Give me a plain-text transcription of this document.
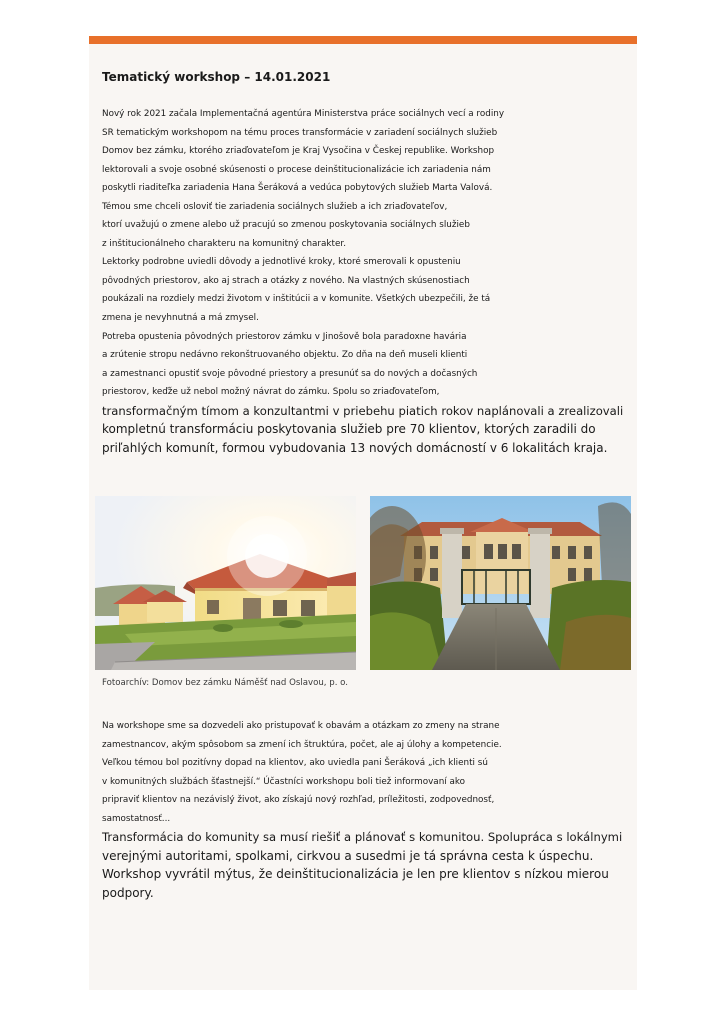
Tematický workshop – 14.01.2021
Nový rok 2021 začala Implementačná agentúra Ministerstva práce sociálnych vecí a rodiny
SR tematickým workshopom na tému proces transformácie v zariadení sociálnych služieb
Domov bez zámku, ktorého zriaďovateľom je Kraj Vysočina v Českej republike. Workshop
lektorovali a svoje osobné skúsenosti o procese deinštitucionalizácie ich zariadenia nám
poskytli riaditeľka zariadenia Hana Šeráková a vedúca pobytových služieb Marta Valová.
Témou sme chceli osloviť tie zariadenia sociálnych služieb a ich zriaďovateľov,
ktorí uvažujú o zmene alebo už pracujú so zmenou poskytovania sociálnych služieb
z inštitucionálneho charakteru na komunitný charakter.
Lektorky podrobne uviedli dôvody a jednotlivé kroky, ktoré smerovali k opusteniu
pôvodných priestorov, ako aj strach a otázky z nového. Na vlastných skúsenostiach
poukázali na rozdiely medzi životom v inštitúcii a v komunite. Všetkých ubezpečili, že tá
zmena je nevyhnutná a má zmysel.
Potreba opustenia pôvodných priestorov zámku v Jinošově bola paradoxne havária
a zrútenie stropu nedávno rekonštruovaného objektu. Zo dňa na deň museli klienti
a zamestnanci opustiť svoje pôvodné priestory a presunúť sa do nových a dočasných
priestorov, keďže už nebol možný návrat do zámku. Spolu so zriaďovateľom,
transformačným tímom a konzultantmi v priebehu piatich rokov naplánovali a zrealizovali
kompletnú transformáciu poskytovania služieb pre 70 klientov, ktorých zaradili do
priľahlých komunít, formou vybudovania 13 nových domácností v 6 lokalitách kraja.

Fotoarchív: Domov bez zámku Náměšť nad Oslavou, p. o.

Na workshope sme sa dozvedeli ako pristupovať k obavám a otázkam zo zmeny na strane
zamestnancov, akým spôsobom sa zmení ich štruktúra, počet, ale aj úlohy a kompetencie.
Veľkou témou bol pozitívny dopad na klientov, ako uviedla pani Šeráková „ich klienti sú
v komunitných službách šťastnejší.“ Účastníci workshopu boli tiež informovaní ako
pripraviť klientov na nezávislý život, ako získajú nový rozhľad, príležitosti, zodpovednosť,
samostatnosť...
Transformácia do komunity sa musí riešiť a plánovať s komunitou. Spolupráca s lokálnymi
verejnými autoritami, spolkami, cirkvou a susedmi je tá správna cesta k úspechu.
Workshop vyvrátil mýtus, že deinštitucionalizácia je len pre klientov s nízkou mierou
podpory.
